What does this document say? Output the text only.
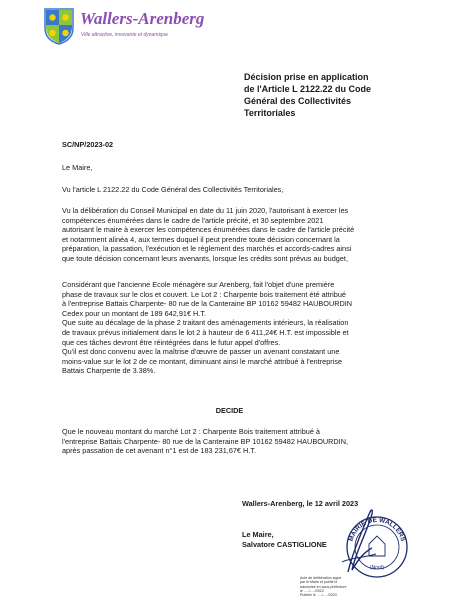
Wallers-Arenberg
Ville attractive, innovante et dynamique
Décision prise en application
de l'Article L 2122.22 du Code
Général des Collectivités
Territoriales
SC/NP/2023-02
Le Maire,
Vu l'article L 2122.22 du Code Général des Collectivités Territoriales,
Vu la délibération du Conseil Municipal en date du 11 juin 2020, l'autorisant à exercer les
compétences énumérées dans le cadre de l'article précité, et 30 septembre 2021
autorisant le maire à exercer les compétences énumérées dans le cadre de l'article précité
et notamment alinéa 4, aux termes duquel il peut prendre toute décision concernant la
préparation, la passation, l'exécution et le règlement des marchés et accords-cadres ainsi
que toute décision concernant leurs avenants, lorsque les crédits sont prévus au budget,
Considérant que l'ancienne Ecole ménagère sur Arenberg, fait l'objet d'une première
phase de travaux sur le clos et couvert. Le Lot 2 : Charpente bois traitement été attribué
à l'entreprise Battais Charpente- 80 rue de la Canteraine BP 10162 59482 HAUBOURDIN
Cedex pour un montant de 189 642,91€ H.T.
Que suite au décalage de la phase 2 traitant des aménagements intérieurs, la réalisation
de travaux prévus initialement dans le lot 2 à hauteur de 6 411,24€ H.T. est impossible et
que ces tâches devront être réintégrées dans le futur appel d'offres.
Qu'il est donc convenu avec la maîtrise d'œuvre de passer un avenant constatant une
moins-value sur le lot 2 de ce montant, diminuant ainsi le marché attribué à l'entreprise
Battais Charpente de 3.38%.
DECIDE
Que le nouveau montant du marché Lot 2 : Charpente Bois traitement attribué à
l'entreprise Battais Charpente- 80 rue de la Canteraine BP 10162 59482 HAUBOURDIN,
après passation de cet avenant n°1 est de 183 231,67€ H.T.
Wallers-Arenberg, le 12 avril 2023
Le Maire,
Salvatore CASTIGLIONE
MAIRIE DE WALLERS
(Nord)
Acte de délibération signé
par le Maire et publié le
transmise en sous-préfecture
le ...../...../2023
Publiée le ...../...../2023
